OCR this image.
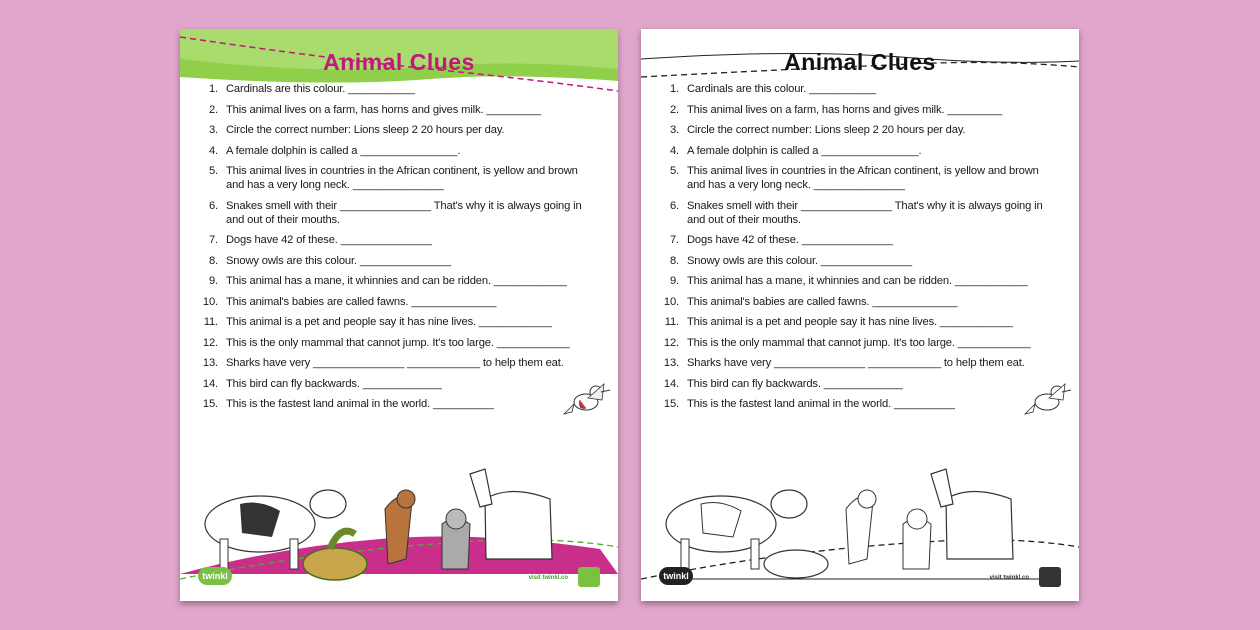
Animal Clues
1. Cardinals are this colour. ___________
2. This animal lives on a farm, has horns and gives milk. _________
3. Circle the correct number: Lions sleep 2 20 hours per day.
4. A female dolphin is called a ________________.
5. This animal lives in countries in the African continent, is yellow and brown and has a very long neck. _______________
6. Snakes smell with their _______________ That's why it is always going in and out of their mouths.
7. Dogs have 42 of these. _______________
8. Snowy owls are this colour. _______________
9. This animal has a mane, it whinnies and can be ridden. ____________
10. This animal's babies are called fawns. ______________
11. This animal is a pet and people say it has nine lives. ____________
12. This is the only mammal that cannot jump. It's too large. ____________
13. Sharks have very _______________ ____________ to help them eat.
14. This bird can fly backwards. _____________
15. This is the fastest land animal in the world. __________
twinkl	visit twinkl.co
Animal Clues
1. Cardinals are this colour. ___________
2. This animal lives on a farm, has horns and gives milk. _________
3. Circle the correct number: Lions sleep 2 20 hours per day.
4. A female dolphin is called a ________________.
5. This animal lives in countries in the African continent, is yellow and brown and has a very long neck. _______________
6. Snakes smell with their _______________ That's why it is always going in and out of their mouths.
7. Dogs have 42 of these. _______________
8. Snowy owls are this colour. _______________
9. This animal has a mane, it whinnies and can be ridden. ____________
10. This animal's babies are called fawns. ______________
11. This animal is a pet and people say it has nine lives. ____________
12. This is the only mammal that cannot jump. It's too large. ____________
13. Sharks have very _______________ ____________ to help them eat.
14. This bird can fly backwards. _____________
15. This is the fastest land animal in the world. __________
twinkl	visit twinkl.co
